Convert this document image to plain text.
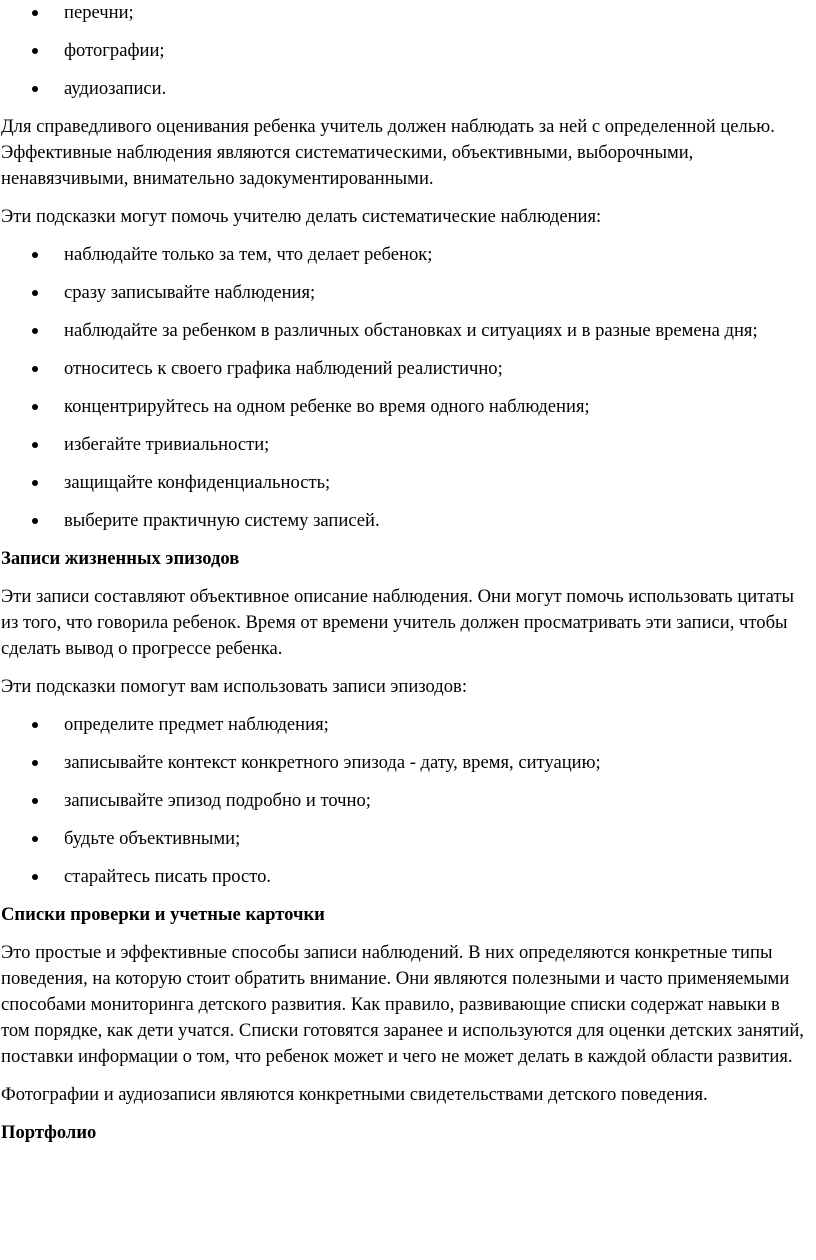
перечни;
фотографии;
аудиозаписи.

Для справедливого оценивания ребенка учитель должен наблюдать за ней с определенной целью. Эффективные наблюдения являются систематическими, объективными, выборочными, ненавязчивыми, внимательно задокументированными.

Эти подсказки могут помочь учителю делать систематические наблюдения:

наблюдайте только за тем, что делает ребенок;
сразу записывайте наблюдения;
наблюдайте за ребенком в различных обстановках и ситуациях и в разные времена дня;
относитесь к своего графика наблюдений реалистично;
концентрируйтесь на одном ребенке во время одного наблюдения;
избегайте тривиальности;
защищайте конфиденциальность;
выберите практичную систему записей.
Записи жизненных эпизодов

Эти записи составляют объективное описание наблюдения. Они могут помочь использовать цитаты из того, что говорила ребенок. Время от времени учитель должен просматривать эти записи, чтобы сделать вывод о прогрессе ребенка.

Эти подсказки помогут вам использовать записи эпизодов:

определите предмет наблюдения;
записывайте контекст конкретного эпизода - дату, время, ситуацию;
записывайте эпизод подробно и точно;
будьте объективными;
старайтесь писать просто.
Списки проверки и учетные карточки

Это простые и эффективные способы записи наблюдений. В них определяются конкретные типы поведения, на которую стоит обратить внимание. Они являются полезными и часто применяемыми способами мониторинга детского развития. Как правило, развивающие списки содержат навыки в том порядке, как дети учатся. Списки готовятся заранее и используются для оценки детских занятий, поставки информации о том, что ребенок может и чего не может делать в каждой области развития.

Фотографии и аудиозаписи являются конкретными свидетельствами детского поведения.

Портфолио
